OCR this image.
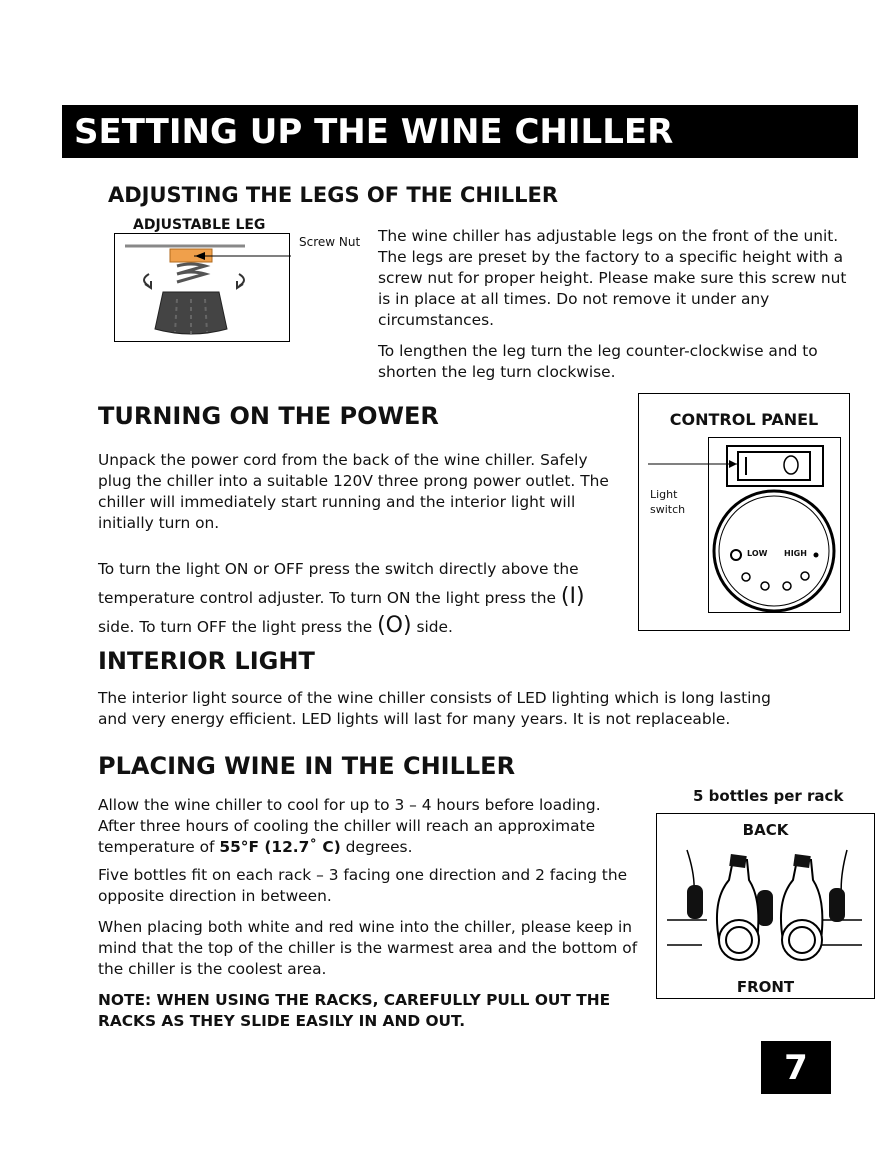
SETTING UP THE WINE CHILLER
ADJUSTING THE LEGS OF THE CHILLER
ADJUSTABLE LEG
Screw Nut The wine chiller has adjustable legs on the front of the unit. The legs are preset by the factory to a specific height with a screw nut for proper height. Please make sure this screw nut is in place at all times. Do not remove it under any circumstances.

To lengthen the leg turn the leg counter-clockwise and to shorten the leg turn clockwise.

TURNING ON THE POWER

Unpack the power cord from the back of the wine chiller. Safely plug the chiller into a suitable 120V three prong power outlet. The chiller will immediately start running and the interior light will initially turn on.

To turn the light ON or OFF press the switch directly above the temperature control adjuster. To turn ON the light press the (I) side. To turn OFF the light press the (O) side.

CONTROL PANEL
LOW HIGH
Light
switch
INTERIOR LIGHT

The interior light source of the wine chiller consists of LED lighting which is long lasting and very energy efficient. LED lights will last for many years. It is not replaceable.

PLACING WINE IN THE CHILLER

Allow the wine chiller to cool for up to 3 – 4 hours before loading. After three hours of cooling the chiller will reach an approximate temperature of 55°F (12.7˚ C) degrees.

Five bottles fit on each rack – 3 facing one direction and 2 facing the opposite direction in between.

When placing both white and red wine into the chiller, please keep in mind that the top of the chiller is the warmest area and the bottom of the chiller is the coolest area.

NOTE: WHEN USING THE RACKS, CAREFULLY PULL OUT THE RACKS AS THEY SLIDE EASILY IN AND OUT.

5 bottles per rack
BACK
FRONT
7
